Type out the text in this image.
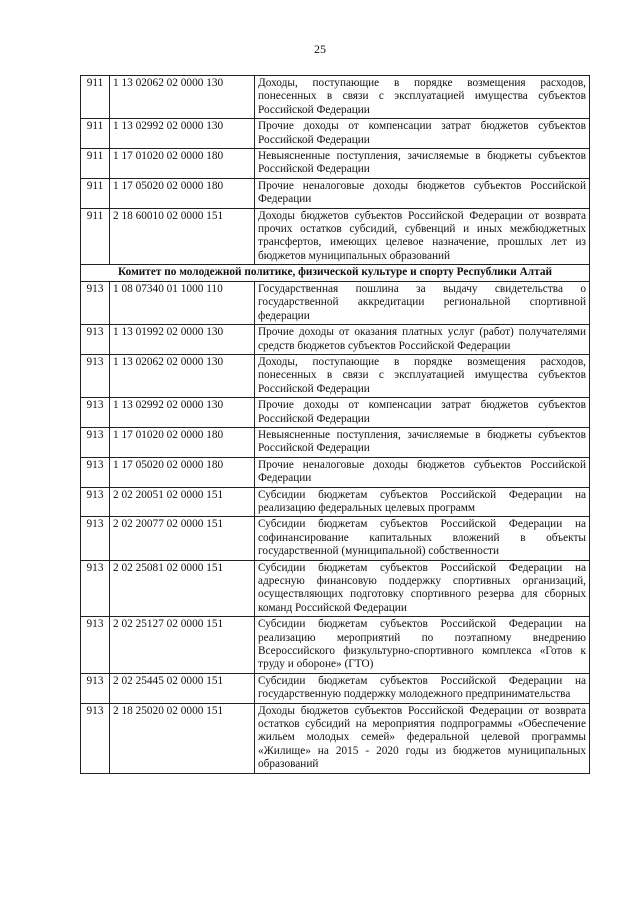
25
911	1 13 02062 02 0000 130	Доходы, поступающие в порядке возмещения расходов, понесенных в связи с эксплуатацией имущества субъектов Российской Федерации
911	1 13 02992 02 0000 130	Прочие доходы от компенсации затрат бюджетов субъектов Российской Федерации
911	1 17 01020 02 0000 180	Невыясненные поступления, зачисляемые в бюджеты субъектов Российской Федерации
911	1 17 05020 02 0000 180	Прочие неналоговые доходы бюджетов субъектов Российской Федерации
911	2 18 60010 02 0000 151	Доходы бюджетов субъектов Российской Федерации от возврата прочих остатков субсидий, субвенций и иных межбюджетных трансфертов, имеющих целевое назначение, прошлых лет из бюджетов муниципальных образований
Комитет по молодежной политике, физической культуре и спорту Республики Алтай		
913	1 08 07340 01 1000 110	Государственная пошлина за выдачу свидетельства о государственной аккредитации региональной спортивной федерации
913	1 13 01992 02 0000 130	Прочие доходы от оказания платных услуг (работ) получателями средств бюджетов субъектов Российской Федерации
913	1 13 02062 02 0000 130	Доходы, поступающие в порядке возмещения расходов, понесенных в связи с эксплуатацией имущества субъектов Российской Федерации
913	1 13 02992 02 0000 130	Прочие доходы от компенсации затрат бюджетов субъектов Российской Федерации
913	1 17 01020 02 0000 180	Невыясненные поступления, зачисляемые в бюджеты субъектов Российской Федерации
913	1 17 05020 02 0000 180	Прочие неналоговые доходы бюджетов субъектов Российской Федерации
913	2 02 20051 02 0000 151	Субсидии бюджетам субъектов Российской Федерации на реализацию федеральных целевых программ
913	2 02 20077 02 0000 151	Субсидии бюджетам субъектов Российской Федерации на софинансирование капитальных вложений в объекты государственной (муниципальной) собственности
913	2 02 25081 02 0000 151	Субсидии бюджетам субъектов Российской Федерации на адресную финансовую поддержку спортивных организаций, осуществляющих подготовку спортивного резерва для сборных команд Российской Федерации
913	2 02 25127 02 0000 151	Субсидии бюджетам субъектов Российской Федерации на реализацию мероприятий по поэтапному внедрению Всероссийского физкультурно-спортивного комплекса «Готов к труду и обороне» (ГТО)
913	2 02 25445 02 0000 151	Субсидии бюджетам субъектов Российской Федерации на государственную поддержку молодежного предпринимательства
913	2 18 25020 02 0000 151	Доходы бюджетов субъектов Российской Федерации от возврата остатков субсидий на мероприятия подпрограммы «Обеспечение жильем молодых семей» федеральной целевой программы «Жилище» на 2015 - 2020 годы из бюджетов муниципальных образований
